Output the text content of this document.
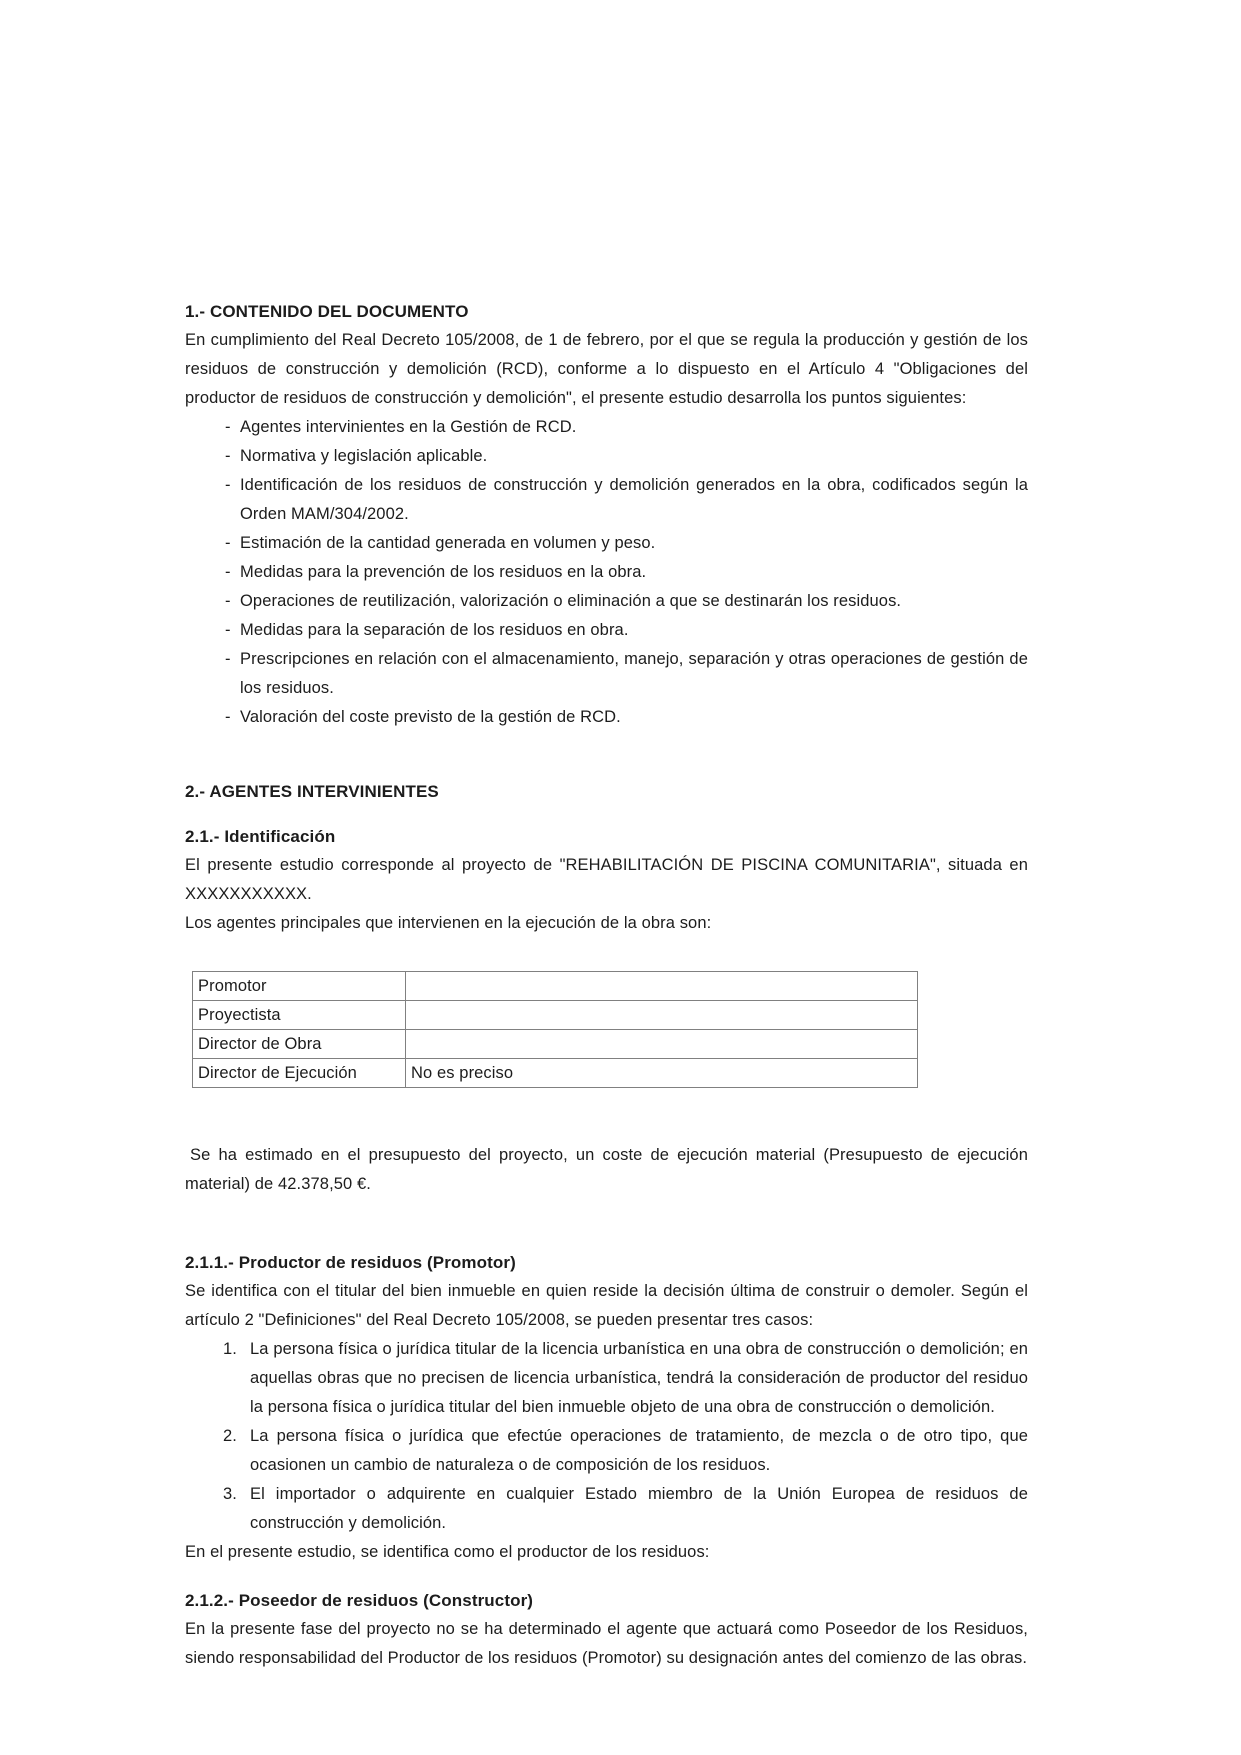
1.- CONTENIDO DEL DOCUMENTO

En cumplimiento del Real Decreto 105/2008, de 1 de febrero, por el que se regula la producción y gestión de los residuos de construcción y demolición (RCD), conforme a lo dispuesto en el Artículo 4 "Obligaciones del productor de residuos de construcción y demolición", el presente estudio desarrolla los puntos siguientes:

- Agentes intervinientes en la Gestión de RCD.
- Normativa y legislación aplicable.
- Identificación de los residuos de construcción y demolición generados en la obra, codificados según la Orden MAM/304/2002.
- Estimación de la cantidad generada en volumen y peso.
- Medidas para la prevención de los residuos en la obra.
- Operaciones de reutilización, valorización o eliminación a que se destinarán los residuos.
- Medidas para la separación de los residuos en obra.
- Prescripciones en relación con el almacenamiento, manejo, separación y otras operaciones de gestión de los residuos.
- Valoración del coste previsto de la gestión de RCD.
2.- AGENTES INTERVINIENTES
2.1.- Identificación

El presente estudio corresponde al proyecto de "REHABILITACIÓN DE PISCINA COMUNITARIA", situada en XXXXXXXXXXX.

Los agentes principales que intervienen en la ejecución de la obra son:

Promotor	
Proyectista	
Director de Obra	
Director de Ejecución	No es preciso

Se ha estimado en el presupuesto del proyecto, un coste de ejecución material (Presupuesto de ejecución material) de 42.378,50 €.

2.1.1.- Productor de residuos (Promotor)

Se identifica con el titular del bien inmueble en quien reside la decisión última de construir o demoler. Según el artículo 2 "Definiciones" del Real Decreto 105/2008, se pueden presentar tres casos:

1. La persona física o jurídica titular de la licencia urbanística en una obra de construcción o demolición; en aquellas obras que no precisen de licencia urbanística, tendrá la consideración de productor del residuo la persona física o jurídica titular del bien inmueble objeto de una obra de construcción o demolición.
2. La persona física o jurídica que efectúe operaciones de tratamiento, de mezcla o de otro tipo, que ocasionen un cambio de naturaleza o de composición de los residuos.
3. El importador o adquirente en cualquier Estado miembro de la Unión Europea de residuos de construcción y demolición.

En el presente estudio, se identifica como el productor de los residuos:

2.1.2.- Poseedor de residuos (Constructor)

En la presente fase del proyecto no se ha determinado el agente que actuará como Poseedor de los Residuos, siendo responsabilidad del Productor de los residuos (Promotor) su designación antes del comienzo de las obras.
